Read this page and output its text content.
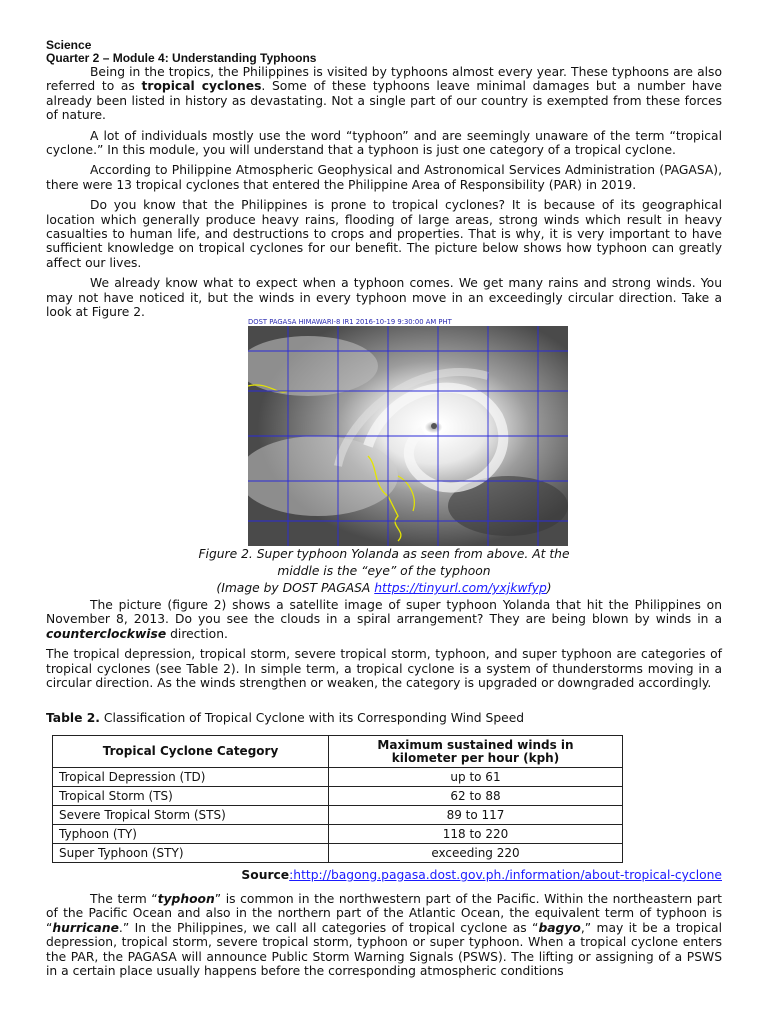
Science
Quarter 2 – Module 4: Understanding Typhoons

Being in the tropics, the Philippines is visited by typhoons almost every year. These typhoons are also referred to as tropical cyclones. Some of these typhoons leave minimal damages but a number have already been listed in history as devastating. Not a single part of our country is exempted from these forces of nature.

A lot of individuals mostly use the word “typhoon” and are seemingly unaware of the term “tropical cyclone.” In this module, you will understand that a typhoon is just one category of a tropical cyclone.

According to Philippine Atmospheric Geophysical and Astronomical Services Administration (PAGASA), there were 13 tropical cyclones that entered the Philippine Area of Responsibility (PAR) in 2019.

Do you know that the Philippines is prone to tropical cyclones? It is because of its geographical location which generally produce heavy rains, flooding of large areas, strong winds which result in heavy casualties to human life, and destructions to crops and properties. That is why, it is very important to have sufficient knowledge on tropical cyclones for our benefit. The picture below shows how typhoon can greatly affect our lives.

We already know what to expect when a typhoon comes. We get many rains and strong winds. You may not have noticed it, but the winds in every typhoon move in an exceedingly circular direction. Take a look at Figure 2.

DOST PAGASA HIMAWARI-8 IR1 2016-10-19 9:30:00 AM PHT
Figure 2. Super typhoon Yolanda as seen from above. At the
middle is the “eye” of the typhoon
(Image by DOST PAGASA https://tinyurl.com/yxjkwfyp)

The picture (figure 2) shows a satellite image of super typhoon Yolanda that hit the Philippines on November 8, 2013. Do you see the clouds in a spiral arrangement? They are being blown by winds in a counterclockwise direction.

The tropical depression, tropical storm, severe tropical storm, typhoon, and super typhoon are categories of tropical cyclones (see Table 2). In simple term, a tropical cyclone is a system of thunderstorms moving in a circular direction. As the winds strengthen or weaken, the category is upgraded or downgraded accordingly.

Table 2. Classification of Tropical Cyclone with its Corresponding Wind Speed
Tropical Cyclone Category	Maximum sustained winds in
kilometer per hour (kph)

Tropical Depression (TD)	up to 61
Tropical Storm (TS)	62 to 88
Severe Tropical Storm (STS)	89 to 117
Typhoon (TY)	118 to 220
Super Typhoon (STY)	exceeding 220
Source:http://bagong.pagasa.dost.gov.ph./information/about-tropical-cyclone

The term “typhoon” is common in the northwestern part of the Pacific. Within the northeastern part of the Pacific Ocean and also in the northern part of the Atlantic Ocean, the equivalent term of typhoon is “hurricane.” In the Philippines, we call all categories of tropical cyclone as “bagyo,” may it be a tropical depression, tropical storm, severe tropical storm, typhoon or super typhoon. When a tropical cyclone enters the PAR, the PAGASA will announce Public Storm Warning Signals (PSWS). The lifting or assigning of a PSWS in a certain place usually happens before the corresponding atmospheric conditions
